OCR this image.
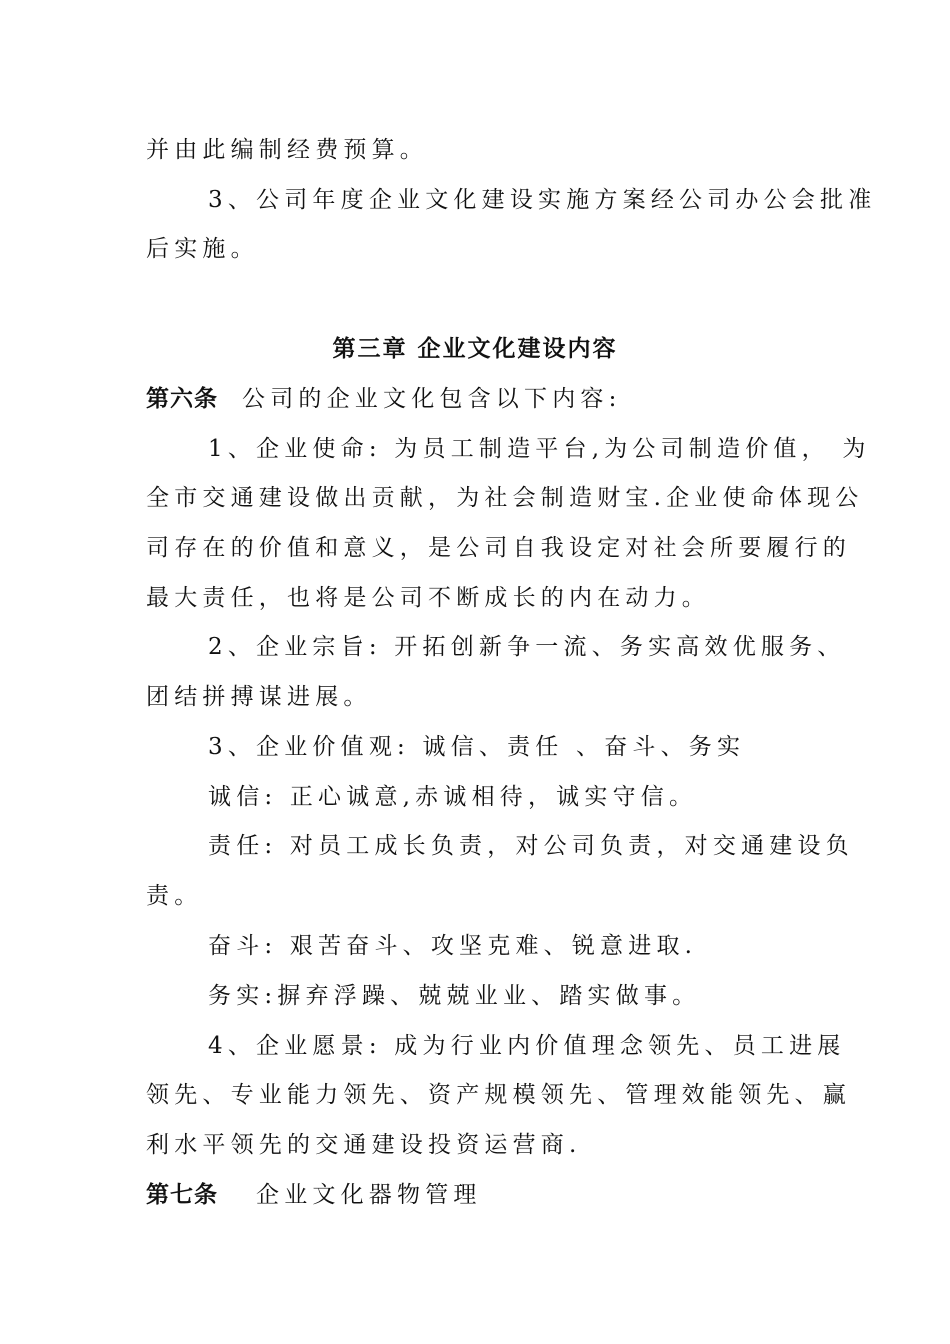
并由此编制经费预算。
3、公司年度企业文化建设实施方案经公司办公会批准
后实施。
第三章 企业文化建设内容
第六条 公司的企业文化包含以下内容:
1、企业使命: 为员工制造平台,为公司制造价值， 为
全市交通建设做出贡献，为社会制造财宝.企业使命体现公
司存在的价值和意义，是公司自我设定对社会所要履行的
最大责任，也将是公司不断成长的内在动力。
2、企业宗旨: 开拓创新争一流、务实高效优服务、
团结拼搏谋进展。
3、企业价值观: 诚信、责任 、奋斗、务实
诚信: 正心诚意,赤诚相待，诚实守信。
责任: 对员工成长负责，对公司负责，对交通建设负
责。
奋斗: 艰苦奋斗、攻坚克难、锐意进取.
务实:摒弃浮躁、兢兢业业、踏实做事。
4、企业愿景: 成为行业内价值理念领先、员工进展
领先、专业能力领先、资产规模领先、管理效能领先、赢
利水平领先的交通建设投资运营商.
第七条 企业文化器物管理
